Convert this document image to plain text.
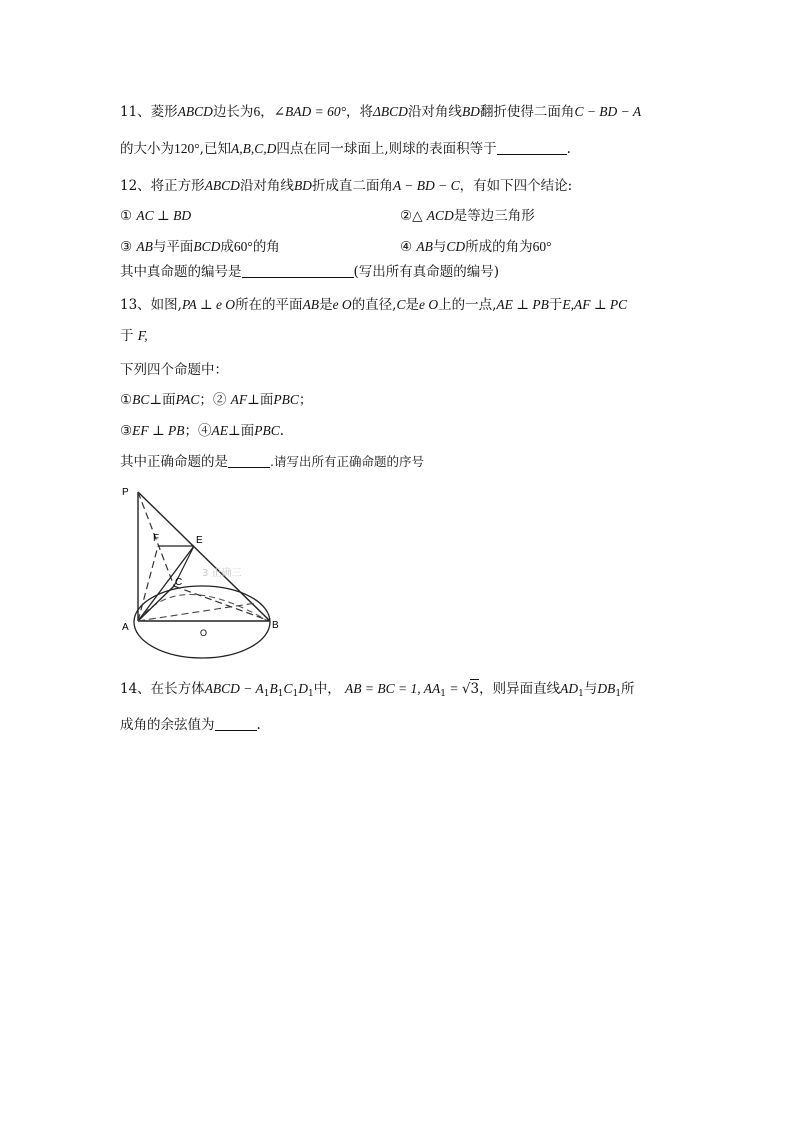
11、菱形ABCD边长为6，∠BAD = 60°，将ΔBCD沿对角线BD翻折使得二面角C − BD − A
的大小为120°,已知A,B,C,D四点在同一球面上,则球的表面积等于	.
12、将正方形ABCD沿对角线BD折成直二面角A − BD − C，有如下四个结论:
① AC ⊥ BD	②△ ACD是等边三角形
③ AB与平面BCD成60°的角	④ AB与CD所成的角为60°
其中真命题的编号是	(写出所有真命题的编号)
13、如图,PA ⊥ e O所在的平面AB是e O的直径,C是e O上的一点,AE ⊥ PB于E,AF ⊥ PC
于 F,
下列四个命题中：
①BC⊥面PAC；② AF⊥面PBC；
③EF ⊥ PB；④AE⊥面PBC.
其中正确命题的是	.请写出所有正确命题的序号
3 正确三
P
F	E
C
A	B
O
14、在长方体ABCD − $A_1B_1C_1D_1$中， AB = BC = 1, $AA_1 = √3$，则异面直线$AD_1$与$DB_1$所
成角的余弦值为	.
